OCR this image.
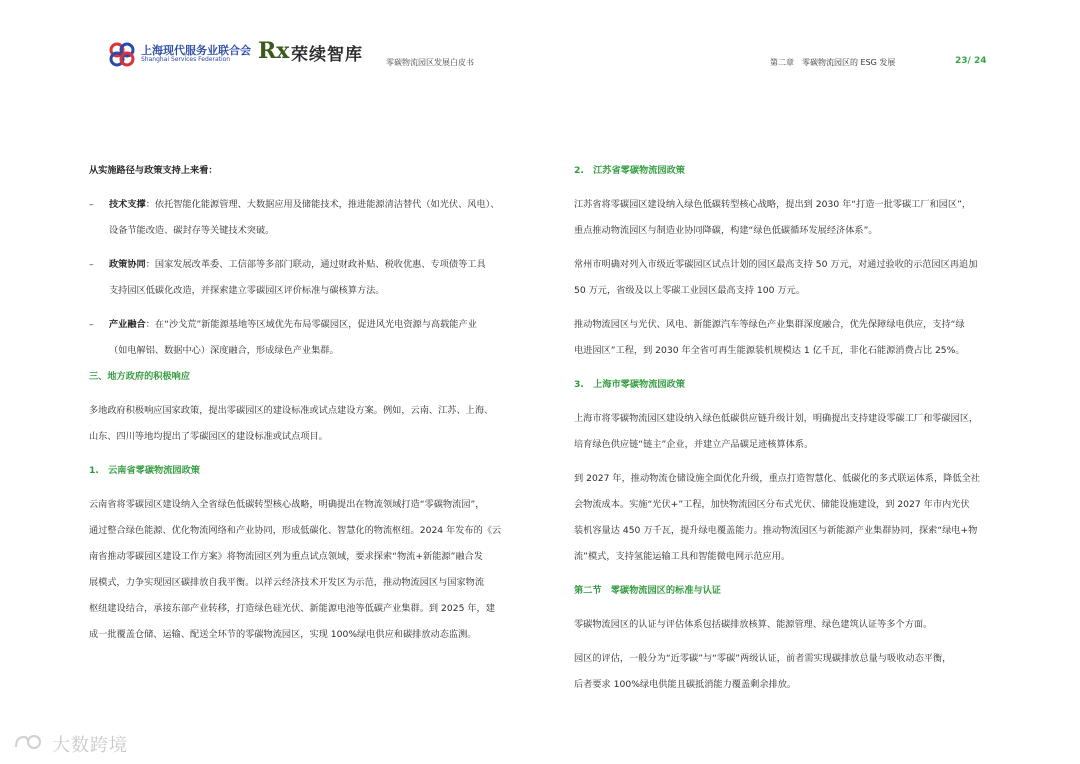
上海现代服务业联合会
Shanghai Services Federation Rx 荣续智库	零碳物流园区发展白皮书	第二章　零碳物流园区的 ESG 发展	23/ 24

从实施路径与政策支持上来看：

– 技术支撑：依托智能化能源管理、大数据应用及储能技术，推进能源清洁替代（如光伏、风电）、

设备节能改造、碳封存等关键技术突破。

– 政策协同：国家发展改革委、工信部等多部门联动，通过财政补贴、税收优惠、专项债等工具

支持园区低碳化改造，并探索建立零碳园区评价标准与碳核算方法。

– 产业融合：在“沙戈荒”新能源基地等区域优先布局零碳园区，促进风光电资源与高载能产业

（如电解铝、数据中心）深度融合，形成绿色产业集群。

三、地方政府的积极响应

多地政府积极响应国家政策，提出零碳园区的建设标准或试点建设方案。例如，云南、江苏、上海、

山东、四川等地均提出了零碳园区的建设标准或试点项目。

1.　云南省零碳物流园政策

云南省将零碳园区建设纳入全省绿色低碳转型核心战略，明确提出在物流领域打造“零碳物流园”，

通过整合绿色能源、优化物流网络和产业协同，形成低碳化、智慧化的物流枢纽。2024 年发布的《云

南省推动零碳园区建设工作方案》将物流园区列为重点试点领域，要求探索“物流+新能源”融合发

展模式，力争实现园区碳排放自我平衡。以祥云经济技术开发区为示范，推动物流园区与国家物流

枢纽建设结合，承接东部产业转移，打造绿色硅光伏、新能源电池等低碳产业集群。到 2025 年，建

成一批覆盖仓储、运输、配送全环节的零碳物流园区，实现 100%绿电供应和碳排放动态监测。

2.　江苏省零碳物流园政策

江苏省将零碳园区建设纳入绿色低碳转型核心战略，提出到 2030 年“打造一批零碳工厂和园区”，

重点推动物流园区与制造业协同降碳，构建“绿色低碳循环发展经济体系”。

常州市明确对列入市级近零碳园区试点计划的园区最高支持 50 万元，对通过验收的示范园区再追加

50 万元，省级及以上零碳工业园区最高支持 100 万元。

推动物流园区与光伏、风电、新能源汽车等绿色产业集群深度融合，优先保障绿电供应，支持“绿

电进园区”工程，到 2030 年全省可再生能源装机规模达 1 亿千瓦，非化石能源消费占比 25%。

3.　上海市零碳物流园政策

上海市将零碳物流园区建设纳入绿色低碳供应链升级计划，明确提出支持建设零碳工厂和零碳园区，

培育绿色供应链“链主”企业，并建立产品碳足迹核算体系。

到 2027 年，推动物流仓储设施全面优化升级，重点打造智慧化、低碳化的多式联运体系，降低全社

会物流成本。实施“光伏+”工程，加快物流园区分布式光伏、储能设施建设，到 2027 年市内光伏

装机容量达 450 万千瓦，提升绿电覆盖能力。推动物流园区与新能源产业集群协同，探索“绿电+物

流”模式，支持氢能运输工具和智能微电网示范应用。

第二节　零碳物流园区的标准与认证

零碳物流园区的认证与评估体系包括碳排放核算、能源管理、绿色建筑认证等多个方面。

园区的评估，一般分为“近零碳”与“零碳”两级认证，前者需实现碳排放总量与吸收动态平衡，

后者要求 100%绿电供能且碳抵消能力覆盖剩余排放。

大数跨境
